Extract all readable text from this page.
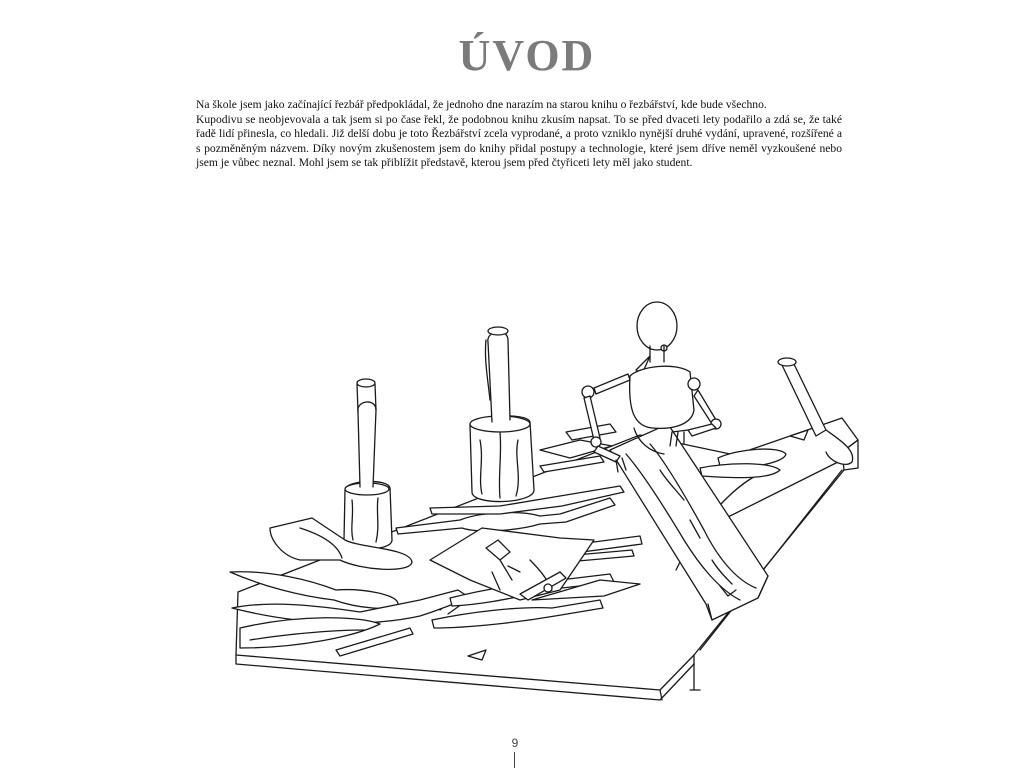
ÚVOD

Na škole jsem jako začínající řezbář předpokládal, že jednoho dne narazím na starou knihu o řezbářství, kde bude všechno.

Kupodivu se neobjevovala a tak jsem si po čase řekl, že podobnou knihu zkusím napsat. To se před dvaceti lety podařilo a zdá se, že také řadě lidí přinesla, co hledali. Již delší dobu je toto Řezbářství zcela vyprodané, a proto vzniklo nynější druhé vydání, upravené, rozšířené a s pozměněným názvem. Díky novým zkušenostem jsem do knihy přidal postupy a technologie, které jsem dříve neměl vyzkoušené nebo jsem je vůbec neznal. Mohl jsem se tak přiblížit představě, kterou jsem před čtyřiceti lety měl jako student.

9
